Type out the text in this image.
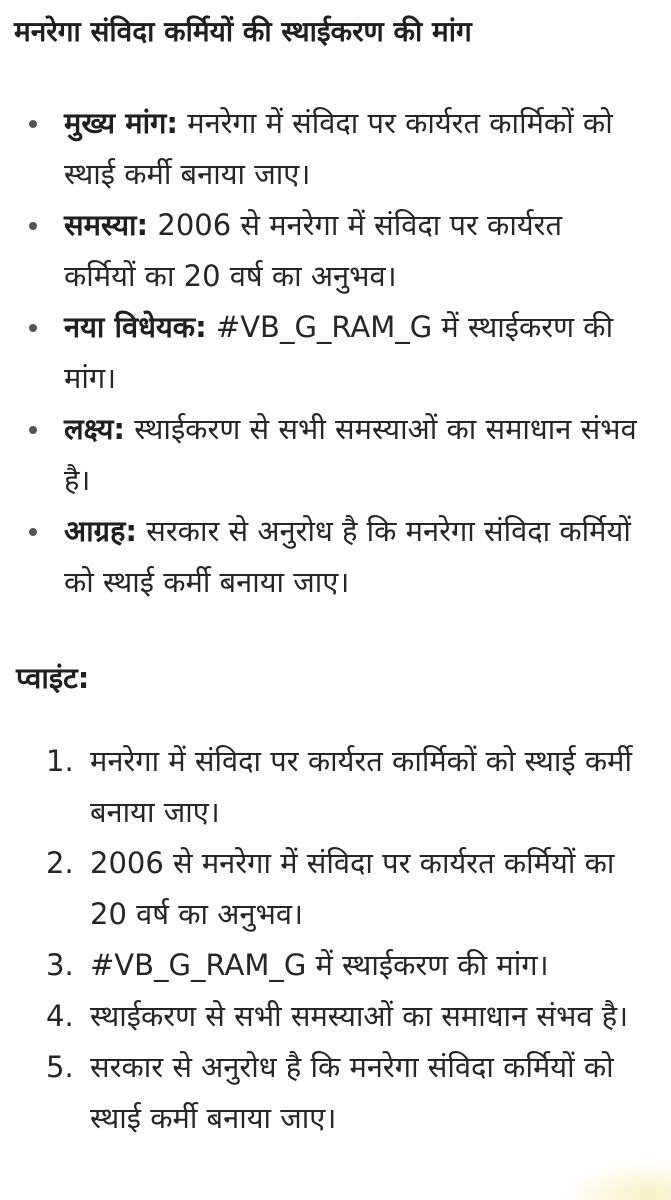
मनरेगा संविदा कर्मियों की स्थाईकरण की मांग
मुख्य मांग: मनरेगा में संविदा पर कार्यरत कार्मिकों को स्थाई कर्मी बनाया जाए।
समस्या: 2006 से मनरेगा में संविदा पर कार्यरत कर्मियों का 20 वर्ष का अनुभव।
नया विधेयक: #VB_G_RAM_G में स्थाईकरण की मांग।
लक्ष्य: स्थाईकरण से सभी समस्याओं का समाधान संभव है।
आग्रह: सरकार से अनुरोध है कि मनरेगा संविदा कर्मियों को स्थाई कर्मी बनाया जाए।
प्वाइंट:
1. मनरेगा में संविदा पर कार्यरत कार्मिकों को स्थाई कर्मी बनाया जाए।
2. 2006 से मनरेगा में संविदा पर कार्यरत कर्मियों का 20 वर्ष का अनुभव।
3. #VB_G_RAM_G में स्थाईकरण की मांग।
4. स्थाईकरण से सभी समस्याओं का समाधान संभव है।
5. सरकार से अनुरोध है कि मनरेगा संविदा कर्मियों को स्थाई कर्मी बनाया जाए।
